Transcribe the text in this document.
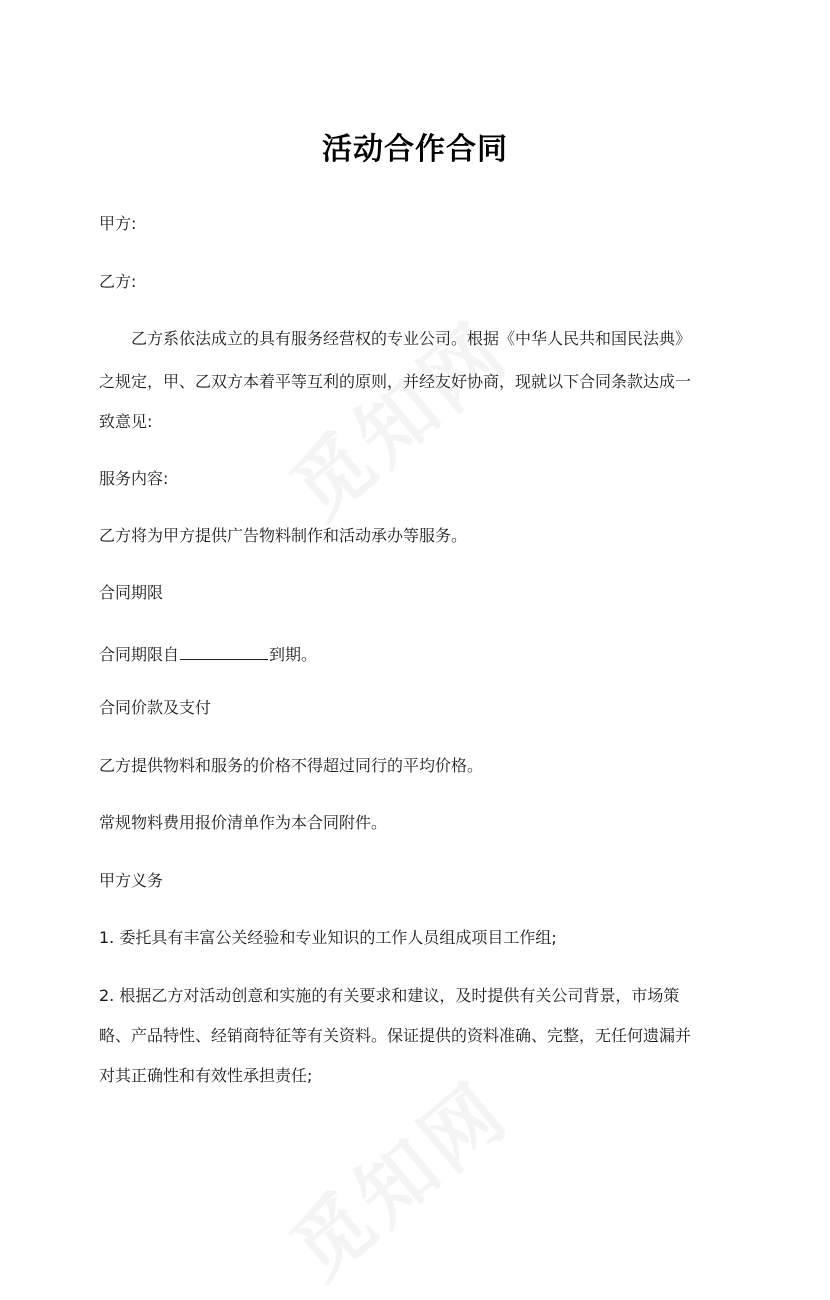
活动合作合同
甲方:
乙方:
乙方系依法成立的具有服务经营权的专业公司。根据《中华人民共和国民法典》
之规定，甲、乙双方本着平等互利的原则，并经友好协商，现就以下合同条款达成一
致意见:
服务内容:
乙方将为甲方提供广告物料制作和活动承办等服务。
合同期限
合同期限自	到期。
合同价款及支付
乙方提供物料和服务的价格不得超过同行的平均价格。
常规物料费用报价清单作为本合同附件。
甲方义务
1. 委托具有丰富公关经验和专业知识的工作人员组成项目工作组;
2. 根据乙方对活动创意和实施的有关要求和建议，及时提供有关公司背景，市场策
略、产品特性、经销商特征等有关资料。保证提供的资料准确、完整，无任何遗漏并
对其正确性和有效性承担责任;
